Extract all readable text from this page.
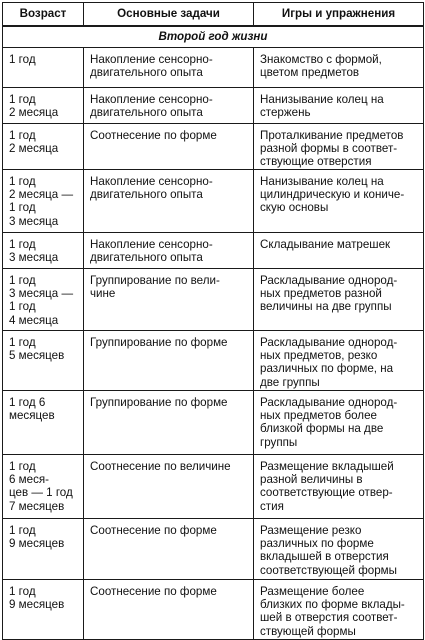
Возраст	Основные задачи	Игры и упражнения
Второй год жизни		

1 год	Накопление сенсорно-
двигательного опыта	Знакомство с формой,
цветом предметов

1 год
2 месяца	Накопление сенсорно-
двигательного опыта	Нанизывание колец на
стержень

1 год
2 месяца	Соотнесение по форме	Проталкивание предметов
разной формы в соответ-
ствующие отверстия

1 год
2 месяца —
1 год
3 месяца	Накопление сенсорно-
двигательного опыта	Нанизывание колец на
цилиндрическую и кониче-
скую основы

1 год
3 месяца	Накопление сенсорно-
двигательного опыта	Складывание матрешек

1 год
3 месяца —
1 год
4 месяца	Группирование по вели-
чине	Раскладывание однород-
ных предметов разной
величины на две группы

1 год
5 месяцев	Группирование по форме	Раскладывание однород-
ных предметов, резко
различных по форме, на
две группы

1 год 6
месяцев	Группирование по форме	Раскладывание однород-
ных предметов более
близкой формы на две
группы

1 год
6 меся-
цев — 1 год
7 месяцев	Соотнесение по величине	Размещение вкладышей
разной величины в
соответствующие отвер-
стия

1 год
9 месяцев	Соотнесение по форме	Размещение резко
различных по форме
вкладышей в отверстия
соответствующей формы

1 год
9 месяцев	Соотнесение по форме	Размещение более
близких по форме вклады-
шей в отверстия соответ-
ствующей формы
